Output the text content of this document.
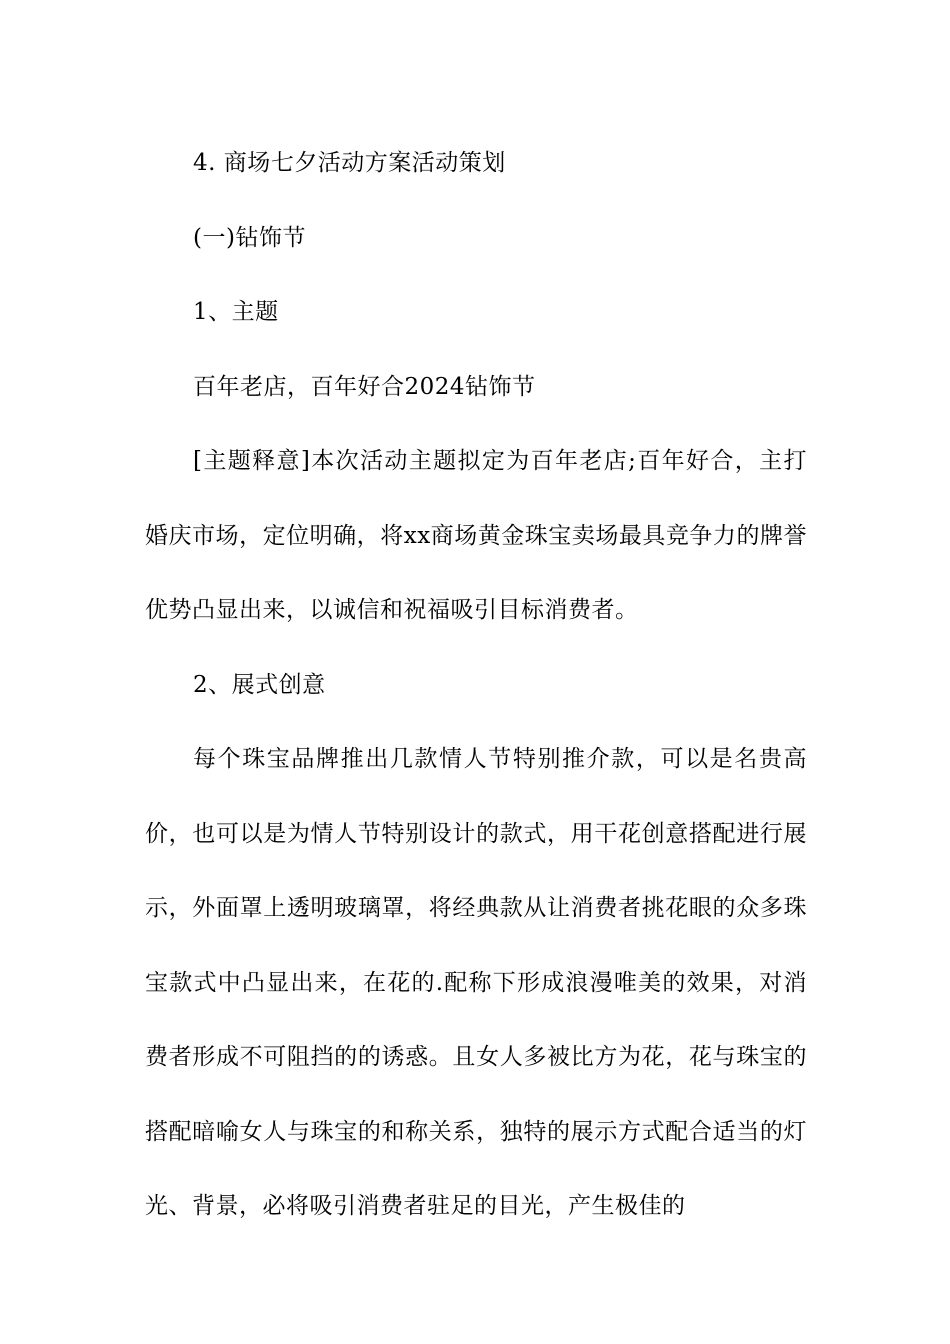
4. 商场七夕活动方案活动策划

(一)钻饰节

1、主题

百年老店，百年好合2024钻饰节

[主题释意]本次活动主题拟定为百年老店;百年好合，主打婚庆市场，定位明确，将xx商场黄金珠宝卖场最具竞争力的牌誉优势凸显出来，以诚信和祝福吸引目标消费者。

2、展式创意

每个珠宝品牌推出几款情人节特别推介款，可以是名贵高价，也可以是为情人节特别设计的款式，用干花创意搭配进行展示，外面罩上透明玻璃罩，将经典款从让消费者挑花眼的众多珠宝款式中凸显出来，在花的.配称下形成浪漫唯美的效果，对消费者形成不可阻挡的的诱惑。且女人多被比方为花，花与珠宝的搭配暗喻女人与珠宝的和称关系，独特的展示方式配合适当的灯光、背景，必将吸引消费者驻足的目光，产生极佳的
